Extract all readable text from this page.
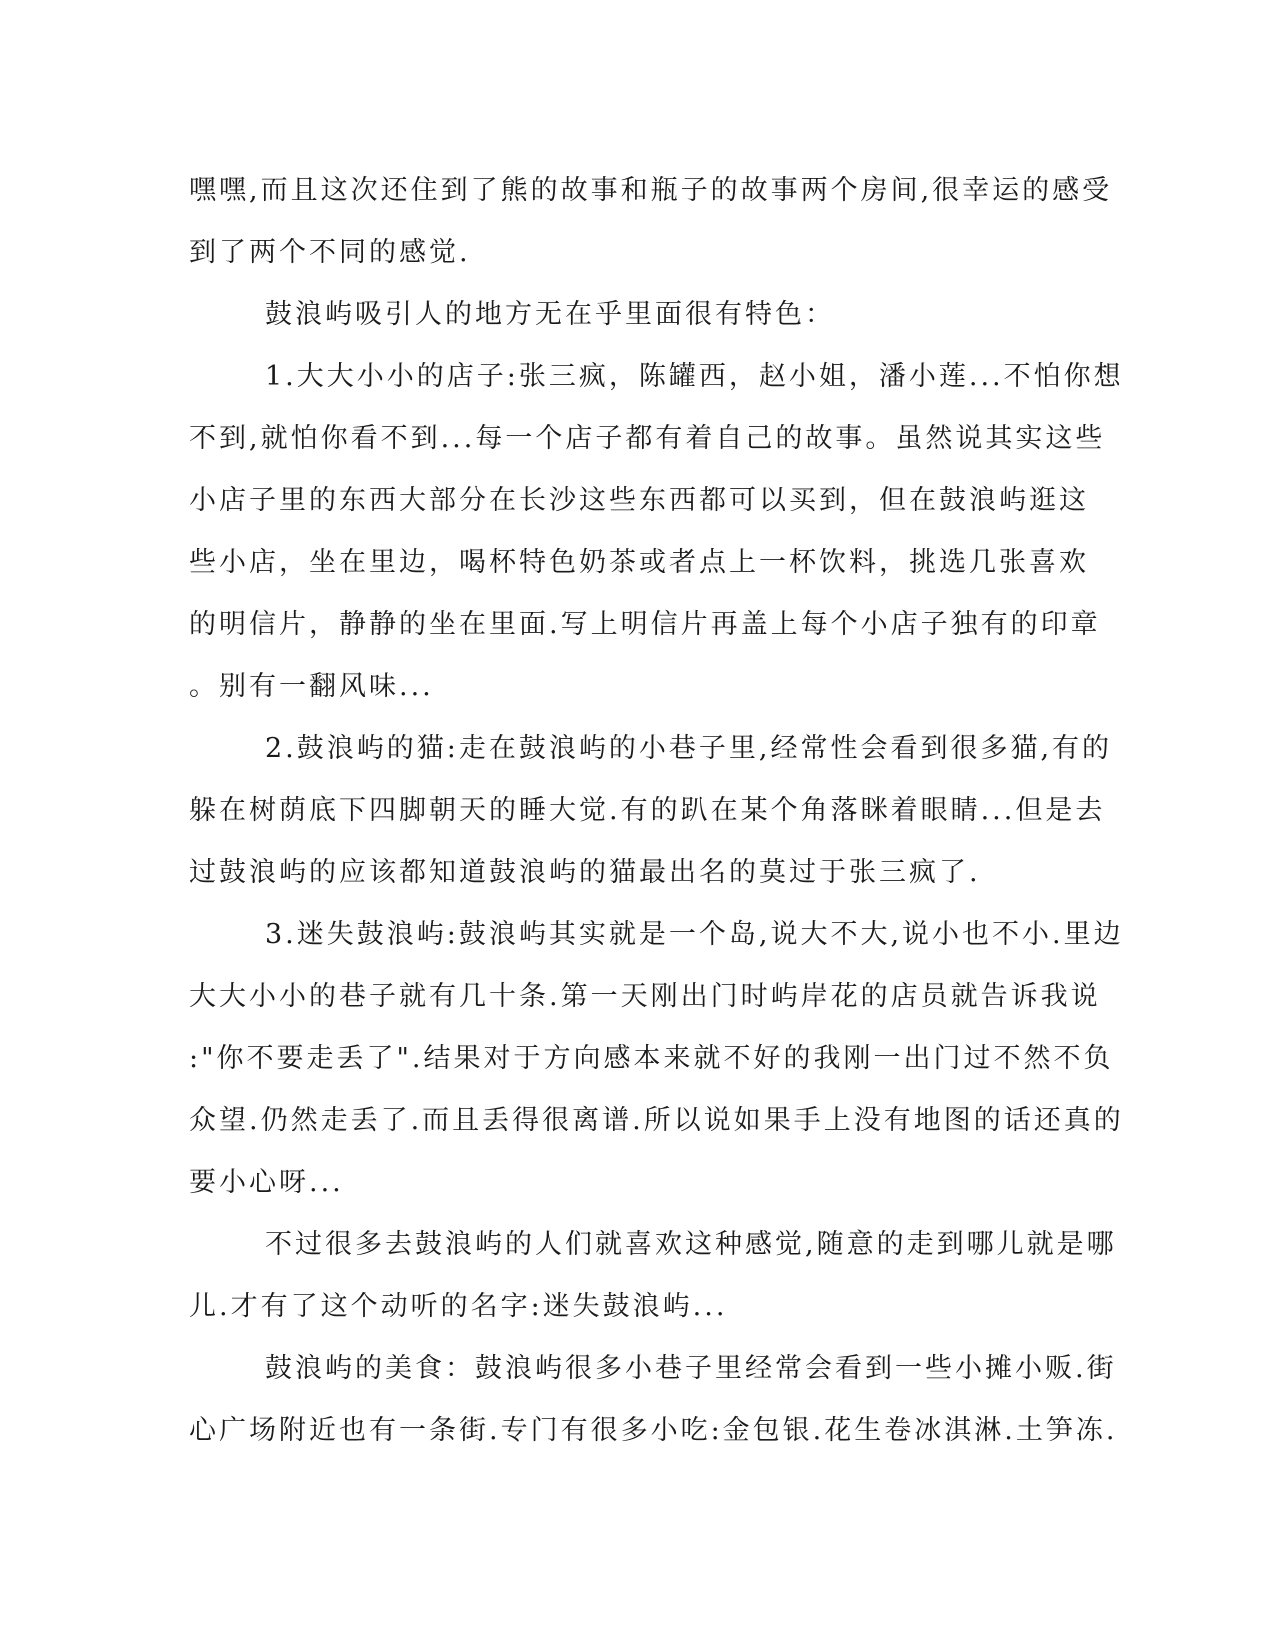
嘿嘿,而且这次还住到了熊的故事和瓶子的故事两个房间,很幸运的感受
到了两个不同的感觉.
鼓浪屿吸引人的地方无在乎里面很有特色：
1.大大小小的店子:张三疯，陈罐西，赵小姐，潘小莲...不怕你想
不到,就怕你看不到...每一个店子都有着自己的故事。虽然说其实这些
小店子里的东西大部分在长沙这些东西都可以买到，但在鼓浪屿逛这
些小店，坐在里边，喝杯特色奶茶或者点上一杯饮料，挑选几张喜欢
的明信片，静静的坐在里面.写上明信片再盖上每个小店子独有的印章
。别有一翻风味...
2.鼓浪屿的猫:走在鼓浪屿的小巷子里,经常性会看到很多猫,有的
躲在树荫底下四脚朝天的睡大觉.有的趴在某个角落眯着眼睛...但是去
过鼓浪屿的应该都知道鼓浪屿的猫最出名的莫过于张三疯了.
3.迷失鼓浪屿:鼓浪屿其实就是一个岛,说大不大,说小也不小.里边
大大小小的巷子就有几十条.第一天刚出门时屿岸花的店员就告诉我说
:"你不要走丢了".结果对于方向感本来就不好的我刚一出门过不然不负
众望.仍然走丢了.而且丢得很离谱.所以说如果手上没有地图的话还真的
要小心呀...
不过很多去鼓浪屿的人们就喜欢这种感觉,随意的走到哪儿就是哪
儿.才有了这个动听的名字:迷失鼓浪屿...
鼓浪屿的美食：鼓浪屿很多小巷子里经常会看到一些小摊小贩.街
心广场附近也有一条街.专门有很多小吃:金包银.花生卷冰淇淋.土笋冻.
